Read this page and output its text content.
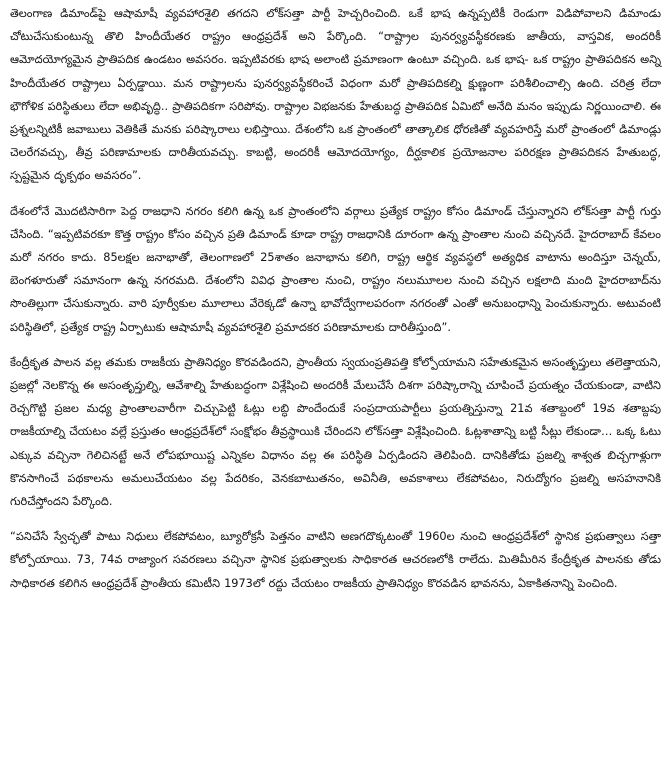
తెలంగాణ డిమాండ్‌పై ఆషామాషీ వ్యవహారశైలి తగదని లోక్‌సత్తా పార్టీ హెచ్చరించింది. ఒకే భాష ఉన్నప్పటికీ రెండుగా విడిపోవాలని డిమాండు చోటుచేసుకుంటున్న తొలి హిందీయేతర రాష్ట్రం ఆంధ్రప్రదేశ్ అని పేర్కొంది. “రాష్ట్రాల పునర్వ్యవస్థీకరణకు జాతీయ, వాస్తవిక, అందరికీ ఆమోదయోగ్యమైన ప్రాతిపదిక ఉండటం అవసరం. ఇప్పటివరకు భాష అలాంటి ప్రమాణంగా ఉంటూ వచ్చింది. ఒక భాష- ఒక రాష్ట్రం ప్రాతిపదికన అన్ని హిందీయేతర రాష్ట్రాలు ఏర్పడ్డాయి. మన రాష్ట్రాలను పునర్వ్యవస్థీకరించే విధంగా మరో ప్రాతిపదికల్ని క్షుణ్ణంగా పరిశీలించాల్సి ఉంది. చరిత్ర లేదా భౌగోళిక పరిస్థితులు లేదా అభివృద్ధి.. ప్రాతిపదికగా సరిపోవు. రాష్ట్రాల విభజనకు హేతుబద్ధ ప్రాతిపదిక ఏమిటో అనేది మనం ఇప్పుడు నిర్ణయించాలి. ఈ ప్రశ్నలన్నిటికీ జవాబులు వెతికితే మనకు పరిష్కారాలు లభిస్తాయి. దేశంలోని ఒక ప్రాంతంలో తాత్కాలిక ధోరణితో వ్యవహరిస్తే మరో ప్రాంతంలో డిమాండ్లు చెలరేగవచ్చు, తీవ్ర పరిణామాలకు దారితీయవచ్చు. కాబట్టి, అందరికీ ఆమోదయోగ్యం, దీర్ఘకాలిక ప్రయోజనాల పరిరక్షణ ప్రాతిపదికన హేతుబద్ధ, స్పష్టమైన దృక్పథం అవసరం”.

దేశంలోనే మొదటిసారిగా పెద్ద రాజధాని నగరం కలిగి ఉన్న ఒక ప్రాంతంలోని వర్గాలు ప్రత్యేక రాష్ట్రం కోసం డిమాండ్ చేస్తున్నారని లోక్‌సత్తా పార్టీ గుర్తు చేసింది. “ఇప్పటివరకూ కొత్త రాష్ట్రం కోసం వచ్చిన ప్రతి డిమాండ్ కూడా రాష్ట్ర రాజధానికి దూరంగా ఉన్న ప్రాంతాల నుంచి వచ్చినదే. హైదరాబాద్ కేవలం మరో నగరం కాదు. 85లక్షల జనాభాతో, తెలంగాణలో 25శాతం జనాభాను కలిగి, రాష్ట్ర ఆర్థిక వ్యవస్థలో అత్యధిక వాటాను అందిస్తూ చెన్నయ్, బెంగళూరుతో సమానంగా ఉన్న నగరమది. దేశంలోని వివిధ ప్రాంతాల నుంచి, రాష్ట్రం నలుమూలల నుంచి వచ్చిన లక్షలాది మంది హైదరాబాద్‌ను సొంతిల్లుగా చేసుకున్నారు. వారి పూర్వీకుల మూలాలు వేరెక్కడో ఉన్నా భావోద్వేగాలపరంగా నగరంతో ఎంతో అనుబంధాన్ని పెంచుకున్నారు. అటువంటి పరిస్థితిలో, ప్రత్యేక రాష్ట్ర ఏర్పాటుకు ఆషామాషీ వ్యవహారశైలి ప్రమాదకర పరిణామాలకు దారితీస్తుంది”.

కేంద్రీకృత పాలన వల్ల తమకు రాజకీయ ప్రాతినిధ్యం కొరవడిందని, ప్రాంతీయ స్వయంప్రతిపత్తి కోల్పోయామని సహేతుకమైన అసంతృప్తులు తలెత్తాయని, ప్రజల్లో నెలకొన్న ఈ అసంతృప్తుల్ని, ఆవేశాల్ని హేతుబద్ధంగా విశ్లేషించి అందరికీ మేలుచేసే దిశగా పరిష్కారాన్ని చూపించే ప్రయత్నం చేయకుండా, వాటిని రెచ్చగొట్టి ప్రజల మధ్య ప్రాంతాలవారీగా చిచ్చుపెట్టి ఓట్లు లబ్ధి పొందేందుకే సంప్రదాయపార్టీలు ప్రయత్నిస్తున్నా 21వ శతాబ్దంలో 19వ శతాబ్దపు రాజకీయాల్ని చేయటం వల్లే ప్రస్తుతం ఆంధ్రప్రదేశ్‌లో సంక్షోభం తీవ్రస్థాయికి చేరిందని లోక్‌సత్తా విశ్లేషించింది. ఓట్లశాతాన్ని బట్టి సీట్లు లేకుండా… ఒక్క ఓటు ఎక్కువ వచ్చినా గెలిచినట్టే అనే లోపభూయిష్ట ఎన్నికల విధానం వల్ల ఈ పరిస్థితి ఏర్పడిందని తెలిపింది. దానికితోడు ప్రజల్ని శాశ్వత బిచ్చగాళ్లుగా కొనసాగించే పథకాలను అమలుచేయటం వల్ల పేదరికం, వెనకబాటుతనం, అవినీతి, అవకాశాలు లేకపోవటం, నిరుద్యోగం ప్రజల్ని అసహనానికి గురిచేస్తోందని పేర్కొంది.

“పనిచేసే స్వేచ్ఛతో పాటు నిధులు లేకపోవటం, బ్యూరోక్రసీ పెత్తనం వాటిని అణగదొక్కటంతో 1960ల నుంచి ఆంధ్రప్రదేశ్‌లో స్థానిక ప్రభుత్వాలు సత్తా కోల్పోయాయి. 73, 74వ రాజ్యాంగ సవరణలు వచ్చినా స్థానిక ప్రభుత్వాలకు సాధికారత ఆచరణలోకి రాలేదు. మితిమీరిన కేంద్రీకృత పాలనకు తోడు సాధికారత కలిగిన ఆంధ్రప్రదేశ్ ప్రాంతీయ కమిటీని 1973లో రద్దు చేయటం రాజకీయ ప్రాతినిధ్యం కొరవడిన భావనను, ఏకాకితనాన్ని పెంచింది.
